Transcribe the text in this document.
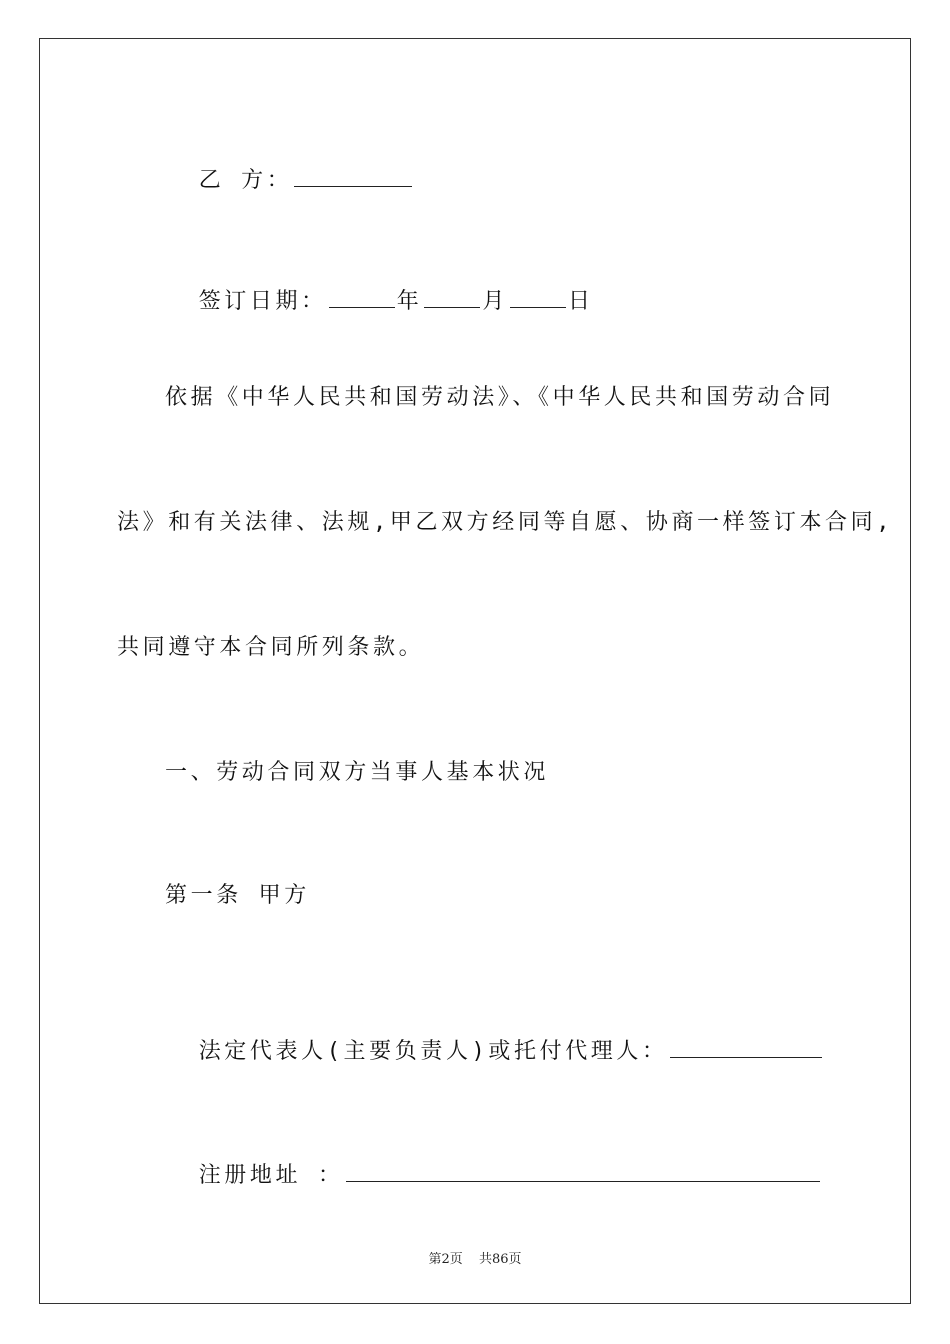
乙 方：

签订日期：	年	月	日

依据《中华人民共和国劳动法》、《中华人民共和国劳动合同
法》和有关法律、法规,甲乙双方经同等自愿、协商一样签订本合同,
共同遵守本合同所列条款。
一、劳动合同双方当事人基本状况
第一条 甲方

法定代表人(主要负责人)或托付代理人：

注册地址 ：

第2页 共86页
